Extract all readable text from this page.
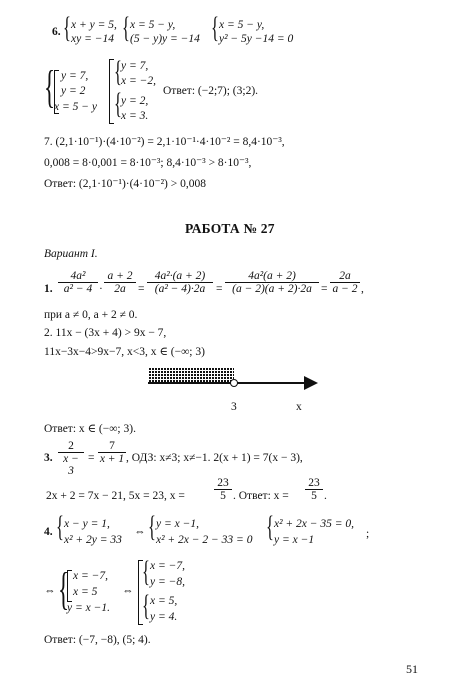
6. { x + y = 5,
xy = −14 { x = 5 − y,
(5 − y)y = −14 { x = 5 − y,
y² − 5y −14 = 0
{ y = 7,
y = 2
x = 5 − y
{
{
y = 7,
x = −2,
y = 2,
x = 3.
Ответ: (−2;7); (3;2).
7. (2,1·10⁻¹)·(4·10⁻²) = 2,1·10⁻¹·4·10⁻² = 8,4·10⁻³,
0,008 = 8·0,001 = 8·10⁻³; 8,4·10⁻³ > 8·10⁻³,
Ответ: (2,1·10⁻¹)·(4·10⁻²) > 0,008
РАБОТА № 27
Вариант I.
1. $\frac{\text{4a²}}{\text{a² − 4}} \cdot \frac{a + 2}{2a} = \frac{\text{4a²·(a + 2)}}{\text{(a² − 4)·2a}} = \frac{\text{4a²(a + 2)}}{(a - 2)(a + 2)\cdot 2a} = \frac{2a}{a - 2}$ ,
при a ≠ 0, a + 2 ≠ 0.
2. 11x − (3x + 4) > 9x − 7,
11x−3x−4>9x−7, x<3, x ∈ (−∞; 3)
3	x
Ответ: x ∈ (−∞; 3).
3. $\frac{2}{x - 3} = \frac{7}{x + 1}$ , ОДЗ: x≠3; x≠−1. 2(x + 1) = 7(x − 3),
2x + 2 = 7x − 21, 5x = 23, x =	$\frac{23}{5}$ . Ответ: $x = \frac{23}{5}$ .
4. { x − y = 1,
x² + 2y = 33
⇔ { y = x −1,
x² + 2x − 2 − 33 = 0 { x² + 2x − 35 = 0,
y = x −1	;
⇔ { x = −7,
x = 5
y = x −1.
⇔
{
{
x = −7,
y = −8,
x = 5,
y = 4.
Ответ: (−7, −8), (5; 4).
51
